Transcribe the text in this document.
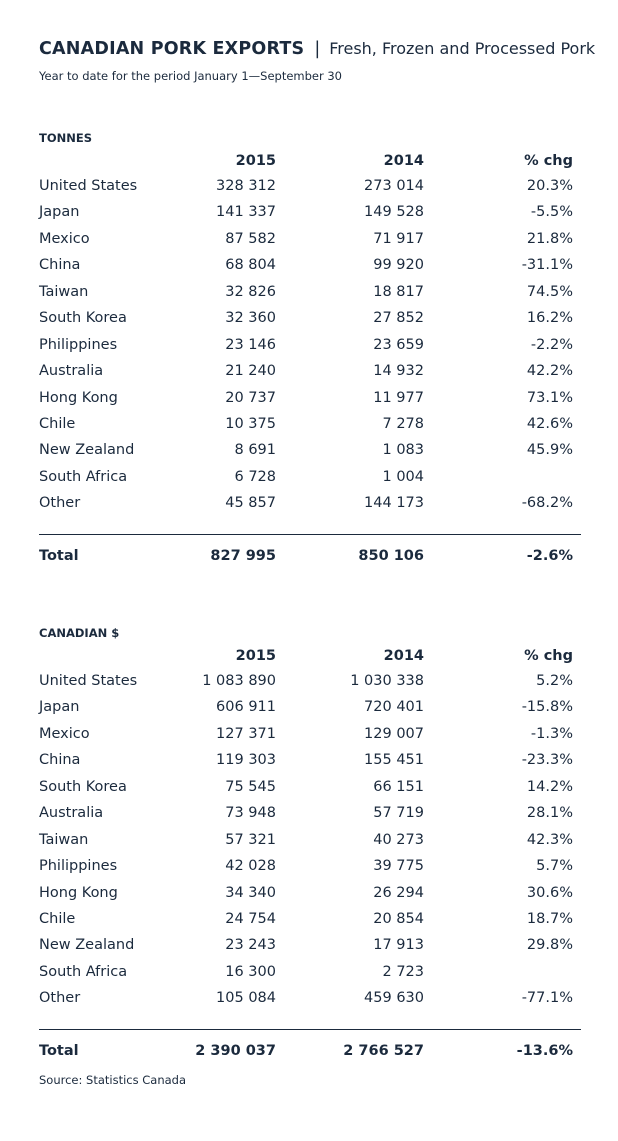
CANADIAN PORK EXPORTS | Fresh, Frozen and Processed Pork
Year to date for the period January 1—September 30
TONNES
2015	2014	% chg
United States	328 312	273 014	20.3%
Japan	141 337	149 528	-5.5%
Mexico	87 582	71 917	21.8%
China	68 804	99 920	-31.1%
Taiwan	32 826	18 817	74.5%
South Korea	32 360	27 852	16.2%
Philippines	23 146	23 659	-2.2%
Australia	21 240	14 932	42.2%
Hong Kong	20 737	11 977	73.1%
Chile	10 375	7 278	42.6%
New Zealand	8 691	1 083	45.9%
South Africa	6 728	1 004
Other	45 857	144 173	-68.2%
Total	827 995	850 106	-2.6%
CANADIAN $
2015	2014	% chg
United States	1 083 890	1 030 338	5.2%
Japan	606 911	720 401	-15.8%
Mexico	127 371	129 007	-1.3%
China	119 303	155 451	-23.3%
South Korea	75 545	66 151	14.2%
Australia	73 948	57 719	28.1%
Taiwan	57 321	40 273	42.3%
Philippines	42 028	39 775	5.7%
Hong Kong	34 340	26 294	30.6%
Chile	24 754	20 854	18.7%
New Zealand	23 243	17 913	29.8%
South Africa	16 300	2 723
Other	105 084	459 630	-77.1%
Total	2 390 037	2 766 527	-13.6%
Source: Statistics Canada
